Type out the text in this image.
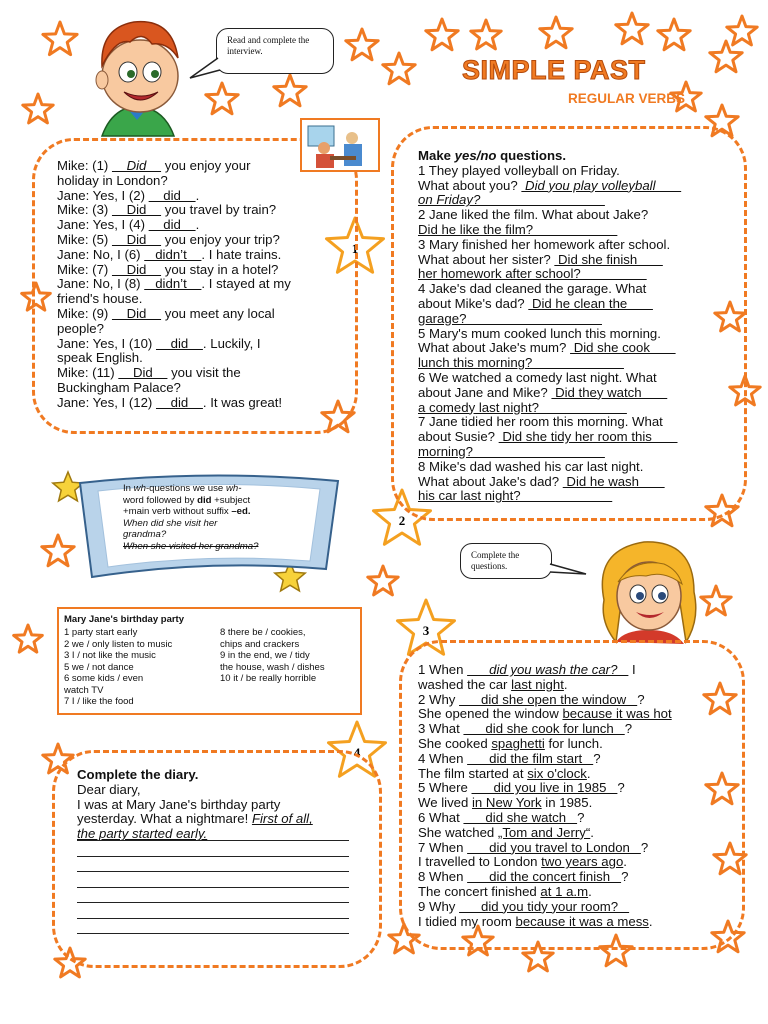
1
2
3
4
Read and complete the interview.
SIMPLE PAST
REGULAR VERBS
Mike: (1)     Did     you enjoy your
holiday in London?
Jane: Yes, I (2)     did    .
Mike: (3)     Did     you travel by train?
Jane: Yes, I (4)     did    .
Mike: (5)     Did     you enjoy your trip?
Jane: No, I (6)    didn’t    . I hate trains.
Mike: (7)     Did     you stay in a hotel?
Jane: No, I (8)    didn’t    . I stayed at my
friend's house.
Mike: (9)     Did     you meet any local
people?
Jane: Yes, I (10)     did    . Luckily, I
speak English.
Mike: (11)     Did     you visit the
Buckingham Palace?
Jane: Yes, I (12)     did    . It was great!
Make yes/no questions.
1 They played volleyball on Friday.
What about you?  Did you play volleyball
on Friday?
2 Jane liked the film. What about Jake?
Did he like the film?
3 Mary finished her homework after school.
What about her sister?  Did she finish
her homework after school?
4 Jake's dad cleaned the garage. What
about Mike's dad?  Did he clean the
garage?
5 Mary's mum cooked lunch this morning.
What about Jake's mum?  Did she cook
lunch this morning?
6 We watched a comedy last night. What
about Jane and Mike?  Did they watch
a comedy last night?
7 Jane tidied her room this morning. What
about Susie?  Did she tidy her room this
morning?
8 Mike's dad washed his car last night.
What about Jake's dad?  Did he wash
his car last night?
In wh-questions we use wh-
word followed by did +subject
+main verb without suffix –ed.
When did she visit her
grandma?
When she visited her grandma?
Mary Jane's birthday party
1 party start early
2 we / only listen to music
3 I / not like the music
5 we / not dance
6 some kids / even
watch TV
7 I / like the food
8 there be / cookies,
chips and crackers
9 in the end, we / tidy
the house, wash / dishes
10 it / be really horrible
Complete the questions.
1 When       did you wash the car?    I
washed the car last night.
2 Why       did she open the window   ?
She opened the window because it was hot
3 What       did she cook for lunch   ?
She cooked spaghetti for lunch.
4 When       did the film start   ?
The film started at six o'clock.
5 Where       did you live in 1985   ?
We lived in New York in 1985.
6 What       did she watch   ?
She watched „Tom and Jerry“.
7 When       did you travel to London   ?
I travelled to London two years ago.
8 When       did the concert finish   ?
The concert finished at 1 a.m.
9 Why       did you tidy your room?
I tidied my room because it was a mess.
Complete the diary.
Dear diary,
I was at Mary Jane's birthday party
yesterday. What a nightmare! First of all,
the party started early.
